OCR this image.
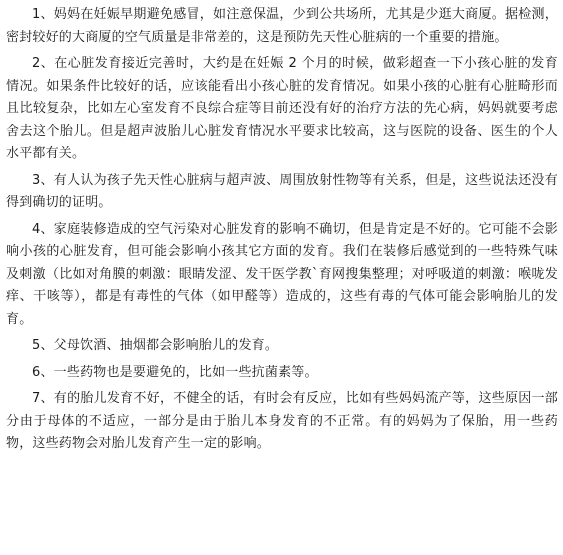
1、妈妈在妊娠早期避免感冒，如注意保温，少到公共场所，尤其是少逛大商厦。据检测，密封较好的大商厦的空气质量是非常差的，这是预防先天性心脏病的一个重要的措施。

2、在心脏发育接近完善时，大约是在妊娠 2 个月的时候，做彩超查一下小孩心脏的发育情况。如果条件比较好的话，应该能看出小孩心脏的发育情况。如果小孩的心脏有心脏畸形而且比较复杂，比如左心室发育不良综合症等目前还没有好的治疗方法的先心病，妈妈就要考虑舍去这个胎儿。但是超声波胎儿心脏发育情况水平要求比较高，这与医院的设备、医生的个人水平都有关。

3、有人认为孩子先天性心脏病与超声波、周围放射性物等有关系，但是，这些说法还没有得到确切的证明。

4、家庭装修造成的空气污染对心脏发育的影响不确切，但是肯定是不好的。它可能不会影响小孩的心脏发育，但可能会影响小孩其它方面的发育。我们在装修后感觉到的一些特殊气味及刺激（比如对角膜的刺激：眼睛发涩、发干医学教`育网搜集整理；对呼吸道的刺激：喉咙发痒、干咳等），都是有毒性的气体（如甲醛等）造成的，这些有毒的气体可能会影响胎儿的发育。

5、父母饮酒、抽烟都会影响胎儿的发育。

6、一些药物也是要避免的，比如一些抗菌素等。

7、有的胎儿发育不好，不健全的话，有时会有反应，比如有些妈妈流产等，这些原因一部分由于母体的不适应，一部分是由于胎儿本身发育的不正常。有的妈妈为了保胎，用一些药物，这些药物会对胎儿发育产生一定的影响。
